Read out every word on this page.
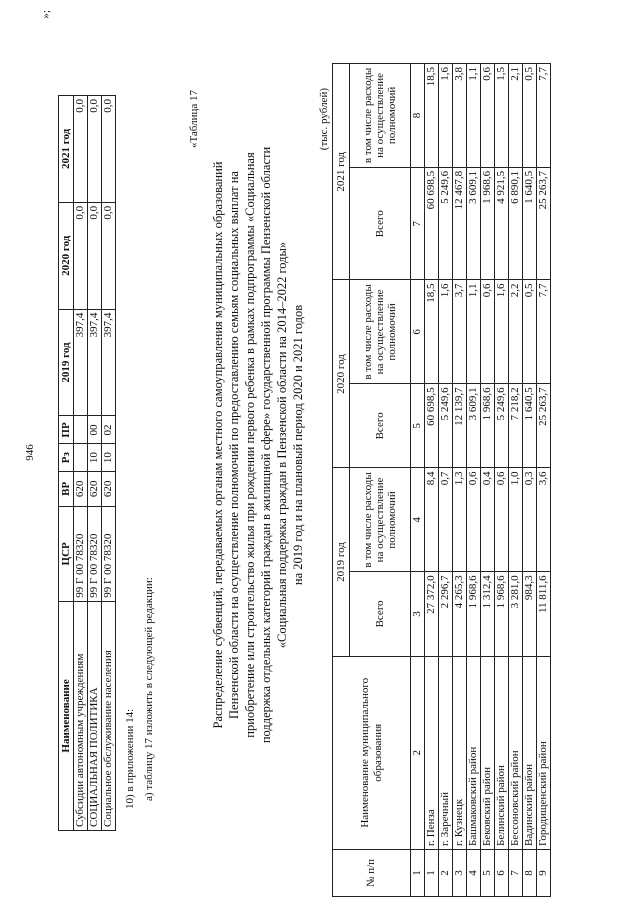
946
Наименование	ЦСР	ВР	Рз	ПР	2019 год	2020 год	2021 год
Субсидии автономным учреждениям	99 Г 00 78320	620			397,4	0,0	0,0
СОЦИАЛЬНАЯ ПОЛИТИКА	99 Г 00 78320	620	10	00	397,4	0,0	0,0
Социальное обслуживание населения	99 Г 00 78320	620	10	02	397,4	0,0	0,0
»;
10) в приложении 14: а) таблицу 17 изложить в следующей редакции:
«Таблица 17
Распределение субвенций, передаваемых органам местного самоуправления муниципальных образований Пензенской области на осуществление полномочий по предоставлению семьям социальных выплат на приобретение или строительство жилья при рождении первого ребенка в рамках подпрограммы «Социальная поддержка отдельных категорий граждан в жилищной сфере» государственной программы Пензенской области «Социальная поддержка граждан в Пензенской области на 2014–2022 годы» на 2019 год и на плановый период 2020 и 2021 годов
(тыс. рублей)
№ п/п	Наименование муниципального образования	2019 год		2020 год		2021 год	
		Всего	в том числе расходы на осуществление полномочий	Всего	в том числе расходы на осуществление полномочий	Всего	в том числе расходы на осуществление полномочий
1	2	3	4	5	6	7	8
1	г. Пенза	27 372,0	8,4	60 698,5	18,5	60 698,5	18,5
2	г. Заречный	2 296,7	0,7	5 249,6	1,6	5 249,6	1,6
3	г. Кузнецк	4 265,3	1,3	12 139,7	3,7	12 467,8	3,8
4	Башмаковский район	1 968,6	0,6	3 609,1	1,1	3 609,1	1,1
5	Бековский район	1 312,4	0,4	1 968,6	0,6	1 968,6	0,6
6	Белинский район	1 968,6	0,6	5 249,6	1,6	4 921,5	1,5
7	Бессоновский район	3 281,0	1,0	7 218,2	2,2	6 890,1	2,1
8	Вадинский район	984,3	0,3	1 640,5	0,5	1 640,5	0,5
9	Городищенский район	11 811,6	3,6	25 263,7	7,7	25 263,7	7,7
